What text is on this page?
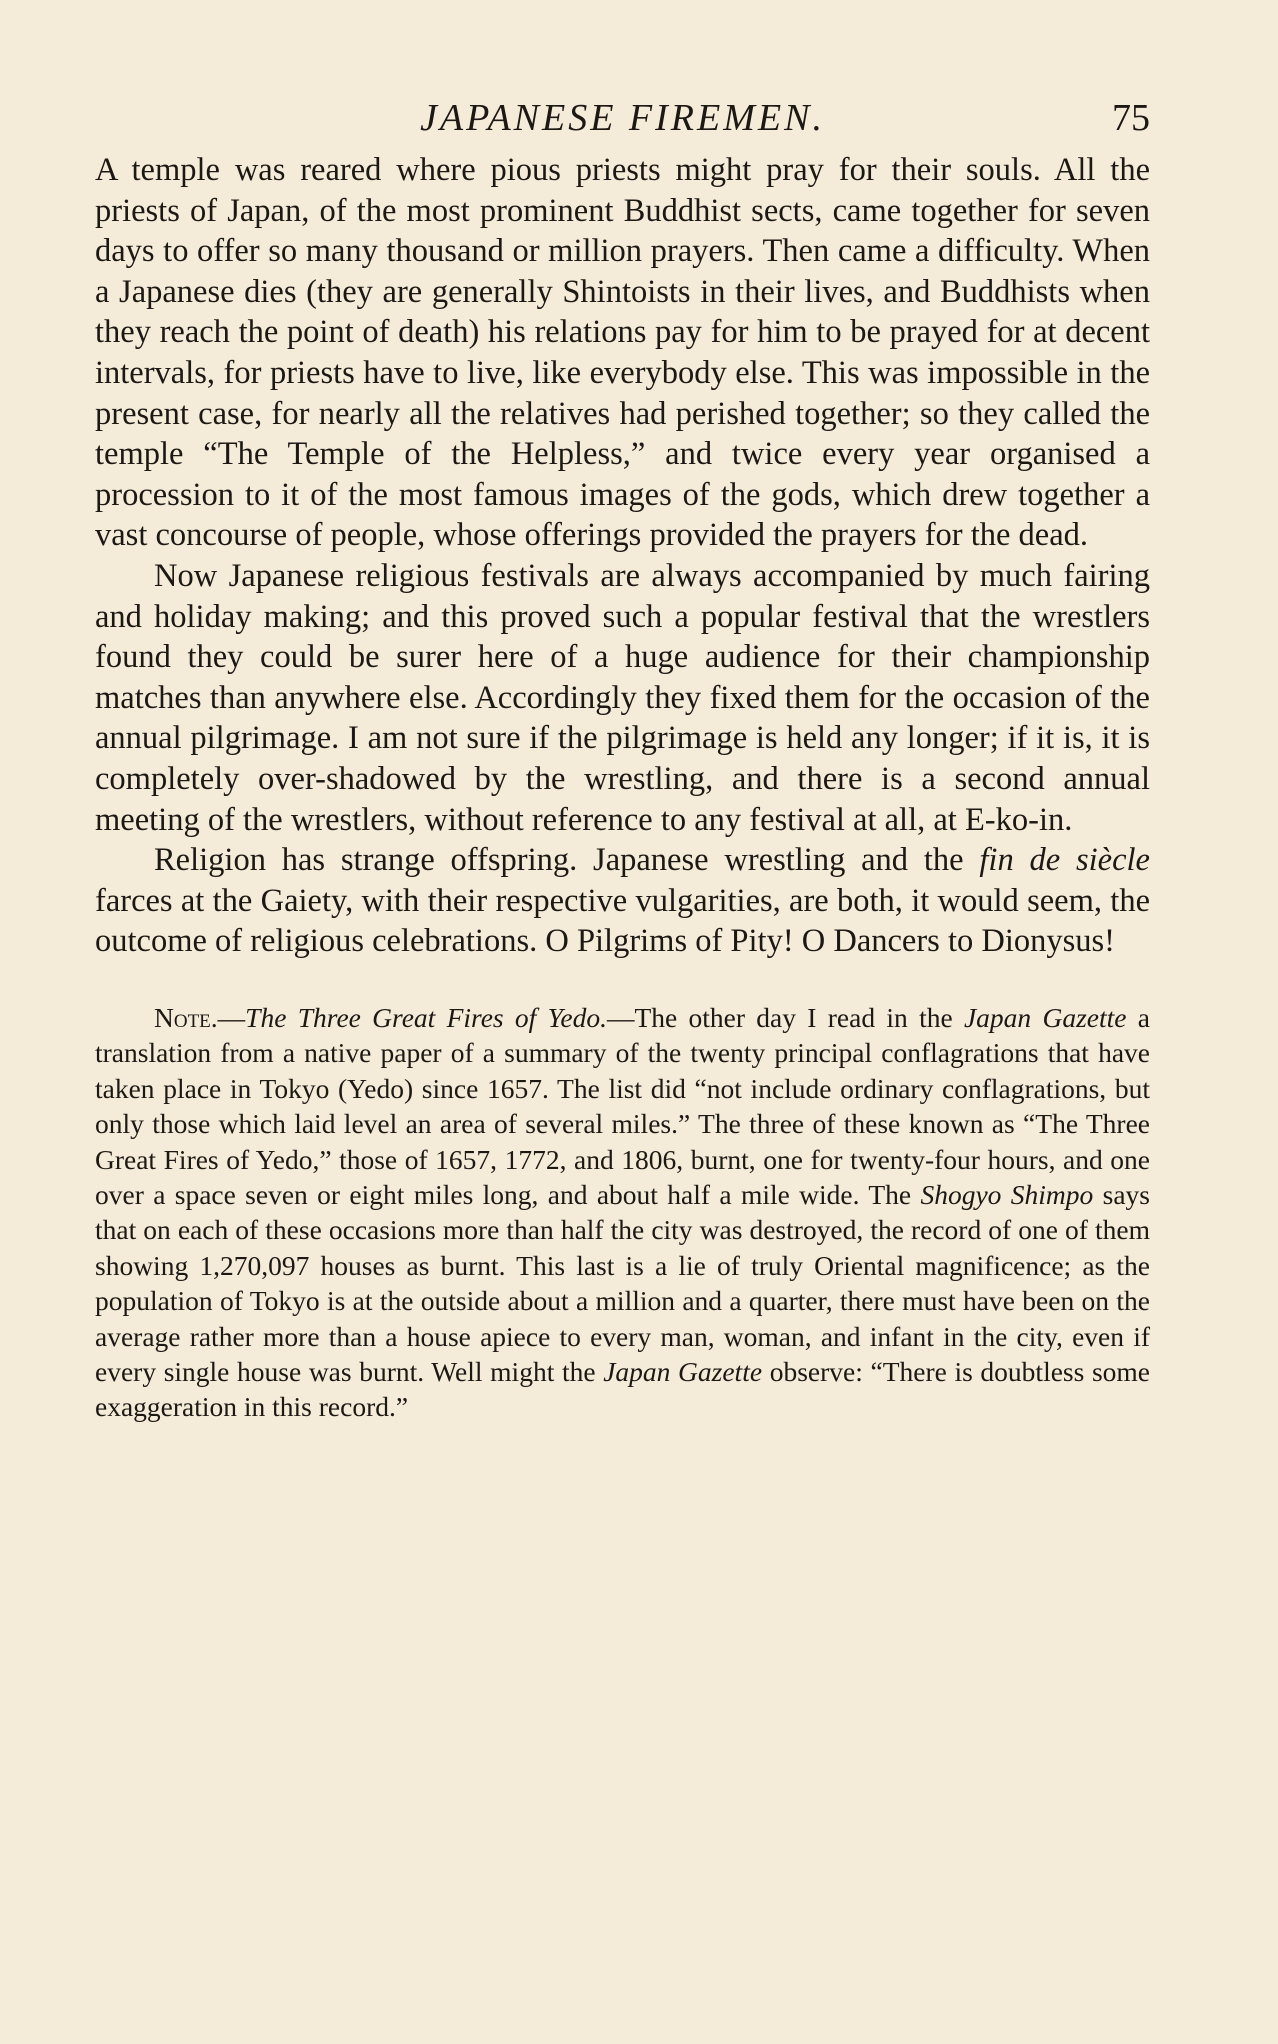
JAPANESE FIREMEN.	75

A temple was reared where pious priests might pray for their souls. All the priests of Japan, of the most prominent Buddhist sects, came together for seven days to offer so many thousand or million prayers. Then came a difficulty. When a Japanese dies (they are generally Shintoists in their lives, and Buddhists when they reach the point of death) his relations pay for him to be prayed for at decent intervals, for priests have to live, like everybody else. This was impossible in the present case, for nearly all the relatives had perished together; so they called the temple “The Temple of the Helpless,” and twice every year organised a procession to it of the most famous images of the gods, which drew together a vast concourse of people, whose offerings provided the prayers for the dead.

Now Japanese religious festivals are always accompanied by much fairing and holiday making; and this proved such a popular festival that the wrestlers found they could be surer here of a huge audience for their championship matches than anywhere else. Accordingly they fixed them for the occasion of the annual pilgrimage. I am not sure if the pilgrimage is held any longer; if it is, it is completely over-shadowed by the wrestling, and there is a second annual meeting of the wrestlers, without reference to any festival at all, at E-ko-in.

Religion has strange offspring. Japanese wrestling and the fin de siècle farces at the Gaiety, with their respective vulgarities, are both, it would seem, the outcome of religious celebrations. O Pilgrims of Pity! O Dancers to Dionysus!

Note.—The Three Great Fires of Yedo.—The other day I read in the Japan Gazette a translation from a native paper of a summary of the twenty principal conflagrations that have taken place in Tokyo (Yedo) since 1657. The list did “not include ordinary conflagrations, but only those which laid level an area of several miles.” The three of these known as “The Three Great Fires of Yedo,” those of 1657, 1772, and 1806, burnt, one for twenty-four hours, and one over a space seven or eight miles long, and about half a mile wide. The Shogyo Shimpo says that on each of these occasions more than half the city was destroyed, the record of one of them showing 1,270,097 houses as burnt. This last is a lie of truly Oriental magnificence; as the population of Tokyo is at the outside about a million and a quarter, there must have been on the average rather more than a house apiece to every man, woman, and infant in the city, even if every single house was burnt. Well might the Japan Gazette observe: “There is doubtless some exaggeration in this record.”
